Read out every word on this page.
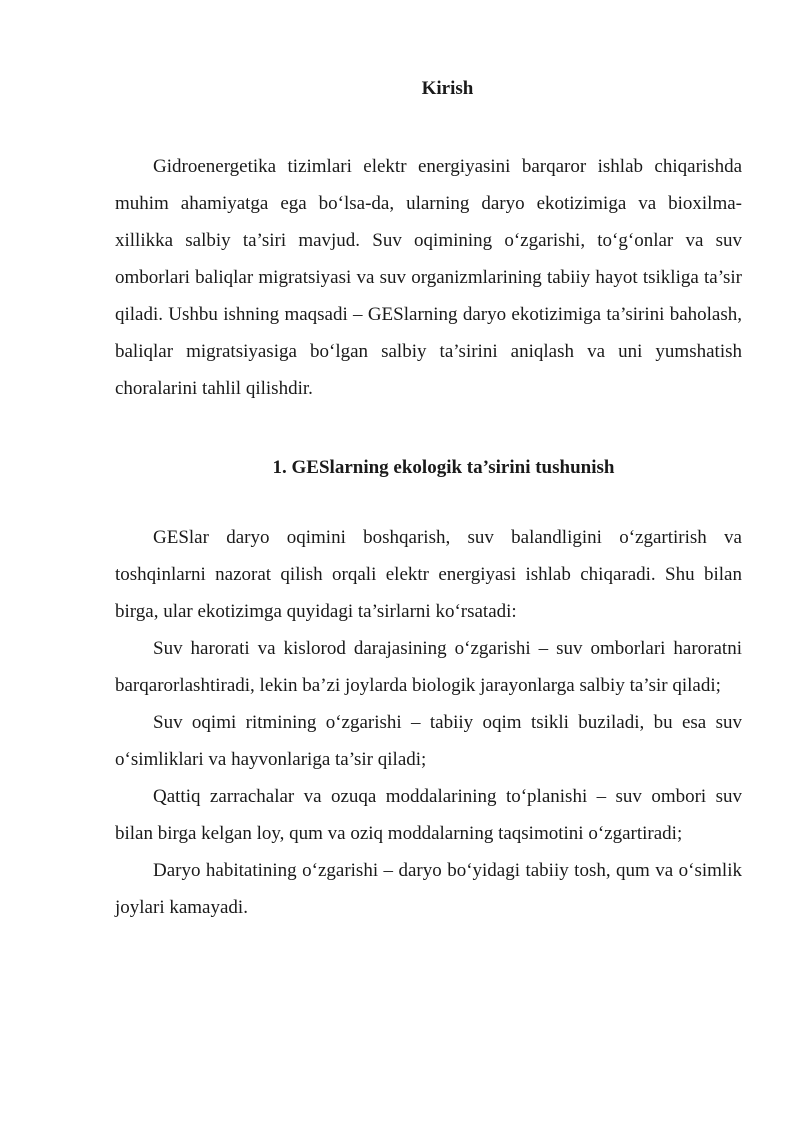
Kirish

Gidroenergetika tizimlari elektr energiyasini barqaror ishlab chiqarishda muhim ahamiyatga ega bo‘lsa-da, ularning daryo ekotizimiga va bioxilma-xillikka salbiy ta’siri mavjud. Suv oqimining o‘zgarishi, to‘g‘onlar va suv omborlari baliqlar migratsiyasi va suv organizmlarining tabiiy hayot tsikliga ta’sir qiladi. Ushbu ishning maqsadi – GESlarning daryo ekotizimiga ta’sirini baholash, baliqlar migratsiyasiga bo‘lgan salbiy ta’sirini aniqlash va uni yumshatish choralarini tahlil qilishdir.

1. GESlarning ekologik ta’sirini tushunish

GESlar daryo oqimini boshqarish, suv balandligini o‘zgartirish va toshqinlarni nazorat qilish orqali elektr energiyasi ishlab chiqaradi. Shu bilan birga, ular ekotizimga quyidagi ta’sirlarni ko‘rsatadi:

Suv harorati va kislorod darajasining o‘zgarishi – suv omborlari haroratni barqarorlashtiradi, lekin ba’zi joylarda biologik jarayonlarga salbiy ta’sir qiladi;

Suv oqimi ritmining o‘zgarishi – tabiiy oqim tsikli buziladi, bu esa suv o‘simliklari va hayvonlariga ta’sir qiladi;

Qattiq zarrachalar va ozuqa moddalarining to‘planishi – suv ombori suv bilan birga kelgan loy, qum va oziq moddalarning taqsimotini o‘zgartiradi;

Daryo habitatining o‘zgarishi – daryo bo‘yidagi tabiiy tosh, qum va o‘simlik joylari kamayadi.
